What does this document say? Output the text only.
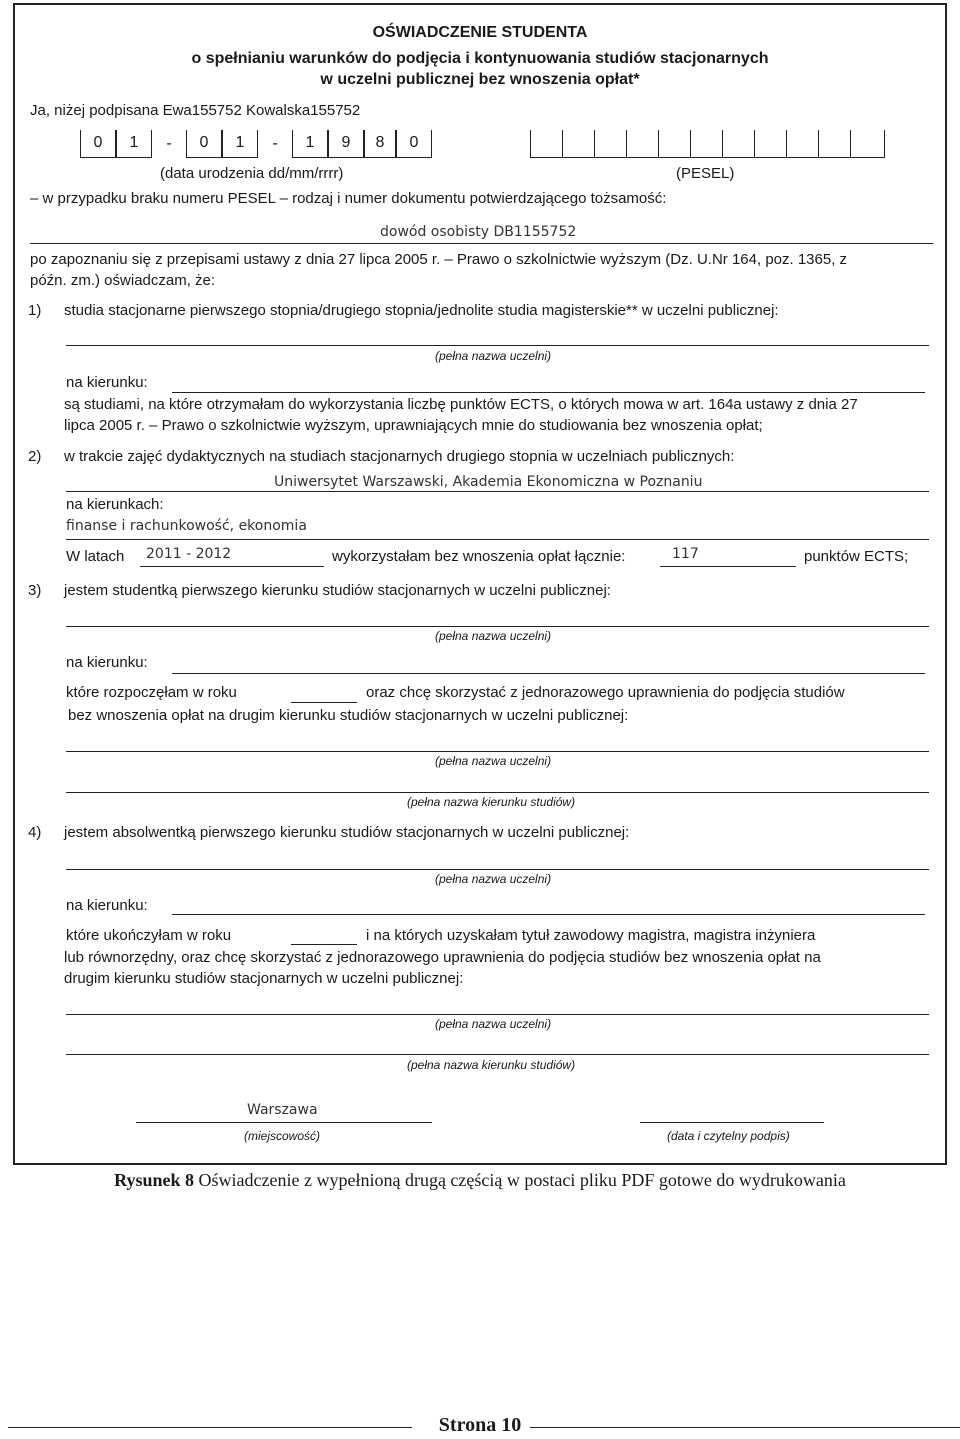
OŚWIADCZENIE STUDENTA
o spełnianiu warunków do podjęcia i kontynuowania studiów stacjonarnych
w uczelni publicznej bez wnoszenia opłat*
Ja, niżej podpisana Ewa155752 Kowalska155752
0	1	-	0	1	-	1	9	8	0
(data urodzenia dd/mm/rrrr)	(PESEL)
– w przypadku braku numeru PESEL – rodzaj i numer dokumentu potwierdzającego tożsamość:
dowód osobisty DB1155752
po zapoznaniu się z przepisami ustawy z dnia 27 lipca 2005 r. – Prawo o szkolnictwie wyższym (Dz. U.Nr 164, poz. 1365, z
późn. zm.) oświadczam, że:
1) studia stacjonarne pierwszego stopnia/drugiego stopnia/jednolite studia magisterskie** w uczelni publicznej:
(pełna nazwa uczelni)
na kierunku:
są studiami, na które otrzymałam do wykorzystania liczbę punktów ECTS, o których mowa w art. 164a ustawy z dnia 27
lipca 2005 r. – Prawo o szkolnictwie wyższym, uprawniających mnie do studiowania bez wnoszenia opłat;
2) w trakcie zajęć dydaktycznych na studiach stacjonarnych drugiego stopnia w uczelniach publicznych:
Uniwersytet Warszawski, Akademia Ekonomiczna w Poznaniu
na kierunkach:
finanse i rachunkowość, ekonomia
W latach 2011 - 2012	wykorzystałam bez wnoszenia opłat łącznie:	117	punktów ECTS;
3) jestem studentką pierwszego kierunku studiów stacjonarnych w uczelni publicznej:
(pełna nazwa uczelni)
na kierunku:
które rozpoczęłam w roku	oraz chcę skorzystać z jednorazowego uprawnienia do podjęcia studiów
bez wnoszenia opłat na drugim kierunku studiów stacjonarnych w uczelni publicznej:
(pełna nazwa uczelni)
(pełna nazwa kierunku studiów)
4) jestem absolwentką pierwszego kierunku studiów stacjonarnych w uczelni publicznej:
(pełna nazwa uczelni)
na kierunku:
które ukończyłam w roku	i na których uzyskałam tytuł zawodowy magistra, magistra inżyniera
lub równorzędny, oraz chcę skorzystać z jednorazowego uprawnienia do podjęcia studiów bez wnoszenia opłat na
drugim kierunku studiów stacjonarnych w uczelni publicznej:
(pełna nazwa uczelni)
(pełna nazwa kierunku studiów)
Warszawa
(miejscowość)	(data i czytelny podpis)
Rysunek 8 Oświadczenie z wypełnioną drugą częścią w postaci pliku PDF gotowe do wydrukowania
Strona 10
